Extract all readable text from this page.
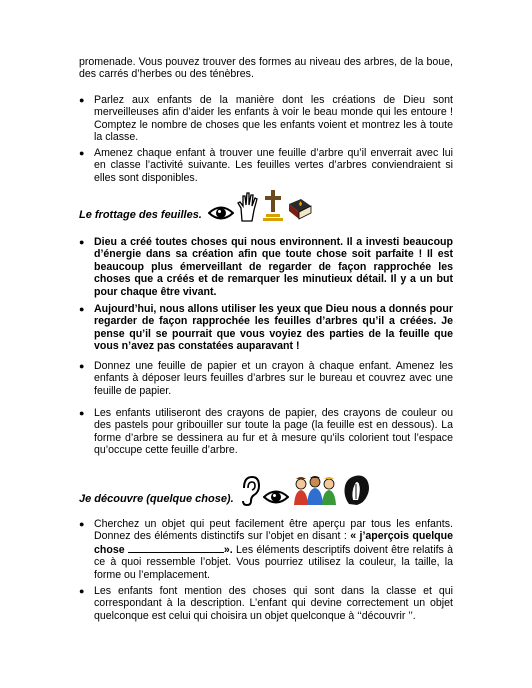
promenade. Vous pouvez trouver des formes au niveau des arbres, de la boue, des carrés d’herbes ou des ténèbres.

● Parlez aux enfants de la manière dont les créations de Dieu sont merveilleuses afin d’aider les enfants à voir le beau monde qui les entoure ! Comptez le nombre de choses que les enfants voient et montrez les à toute la classe.

● Amenez chaque enfant à trouver une feuille d’arbre qu’il enverrait avec lui en classe l’activité suivante. Les feuilles vertes d’arbres conviendraient si elles sont disponibles.

Le frottage des feuilles.
● Dieu a créé toutes choses qui nous environnent. Il a investi beaucoup d’énergie dans sa création afin que toute chose soit parfaite ! Il est beaucoup plus émerveillant de regarder de façon rapprochée les choses que a créés et de remarquer les minutieux détail. Il y a un but pour chaque être vivant.

● Aujourd’hui, nous allons utiliser les yeux que Dieu nous a donnés pour regarder de façon rapprochée les feuilles d’arbres qu’il a créées. Je pense qu’il se pourrait que vous voyiez des parties de la feuille que vous n’avez pas constatées auparavant !

● Donnez une feuille de papier et un crayon à chaque enfant. Amenez les enfants à déposer leurs feuilles d’arbres sur le bureau et couvrez avec une feuille de papier.

● Les enfants utiliseront des crayons de papier, des crayons de couleur ou des pastels pour gribouiller sur toute la page (la feuille est en dessous). La forme d’arbre se dessinera au fur et à mesure qu’ils colorient tout l’espace qu’occupe cette feuille d’arbre.

Je découvre (quelque chose).
● Cherchez un objet qui peut facilement être aperçu par tous les enfants. Donnez des éléments distinctifs sur l’objet en disant : « j’aperçois quelque chose	». Les éléments descriptifs doivent être relatifs à ce à quoi ressemble l’objet. Vous pourriez utilisez la couleur, la taille, la forme ou l’emplacement.

● Les enfants font mention des choses qui sont dans la classe et qui correspondant à la description. L’enfant qui devine correctement un objet quelconque est celui qui choisira un objet quelconque à ‘‘découvrir ’’.
